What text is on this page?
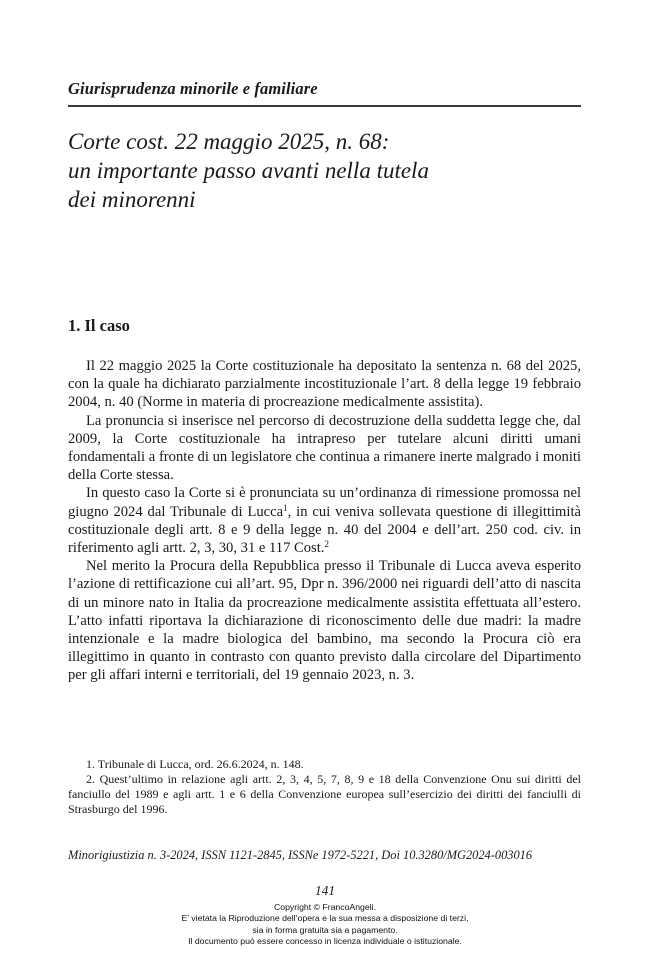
Giurisprudenza minorile e familiare
Corte cost. 22 maggio 2025, n. 68:
un importante passo avanti nella tutela
dei minorenni
1. Il caso

Il 22 maggio 2025 la Corte costituzionale ha depositato la sentenza n. 68 del 2025, con la quale ha dichiarato parzialmente incostituzionale l’art. 8 della legge 19 febbraio 2004, n. 40 (Norme in materia di procreazione medicalmente assistita).

La pronuncia si inserisce nel percorso di decostruzione della suddetta legge che, dal 2009, la Corte costituzionale ha intrapreso per tutelare alcuni diritti umani fondamentali a fronte di un legislatore che continua a rimanere inerte malgrado i moniti della Corte stessa.

In questo caso la Corte si è pronunciata su un’ordinanza di rimessione promossa nel giugno 2024 dal Tribunale di Lucca$^1$, in cui veniva sollevata questione di illegittimità costituzionale degli artt. 8 e 9 della legge n. 40 del 2004 e dell’art. 250 cod. civ. in riferimento agli artt. 2, 3, 30, 31 e 117 Cost.$^2$

Nel merito la Procura della Repubblica presso il Tribunale di Lucca aveva esperito l’azione di rettificazione cui all’art. 95, Dpr n. 396/2000 nei riguardi dell’atto di nascita di un minore nato in Italia da procreazione medicalmente assistita effettuata all’estero. L’atto infatti riportava la dichiarazione di riconoscimento delle due madri: la madre intenzionale e la madre biologica del bambino, ma secondo la Procura ciò era illegittimo in quanto in contrasto con quanto previsto dalla circolare del Dipartimento per gli affari interni e territoriali, del 19 gennaio 2023, n. 3.

1. Tribunale di Lucca, ord. 26.6.2024, n. 148.

2. Quest’ultimo in relazione agli artt. 2, 3, 4, 5, 7, 8, 9 e 18 della Convenzione Onu sui diritti del fanciullo del 1989 e agli artt. 1 e 6 della Convenzione europea sull’esercizio dei diritti dei fanciulli di Strasburgo del 1996.

Minorigiustizia n. 3-2024, ISSN 1121-2845, ISSNe 1972-5221, Doi 10.3280/MG2024-003016
141
Copyright © FrancoAngeli.
E’ vietata la Riproduzione dell’opera e la sua messa a disposizione di terzi,
sia in forma gratuita sia a pagamento.
Il documento può essere concesso in licenza individuale o istituzionale.
